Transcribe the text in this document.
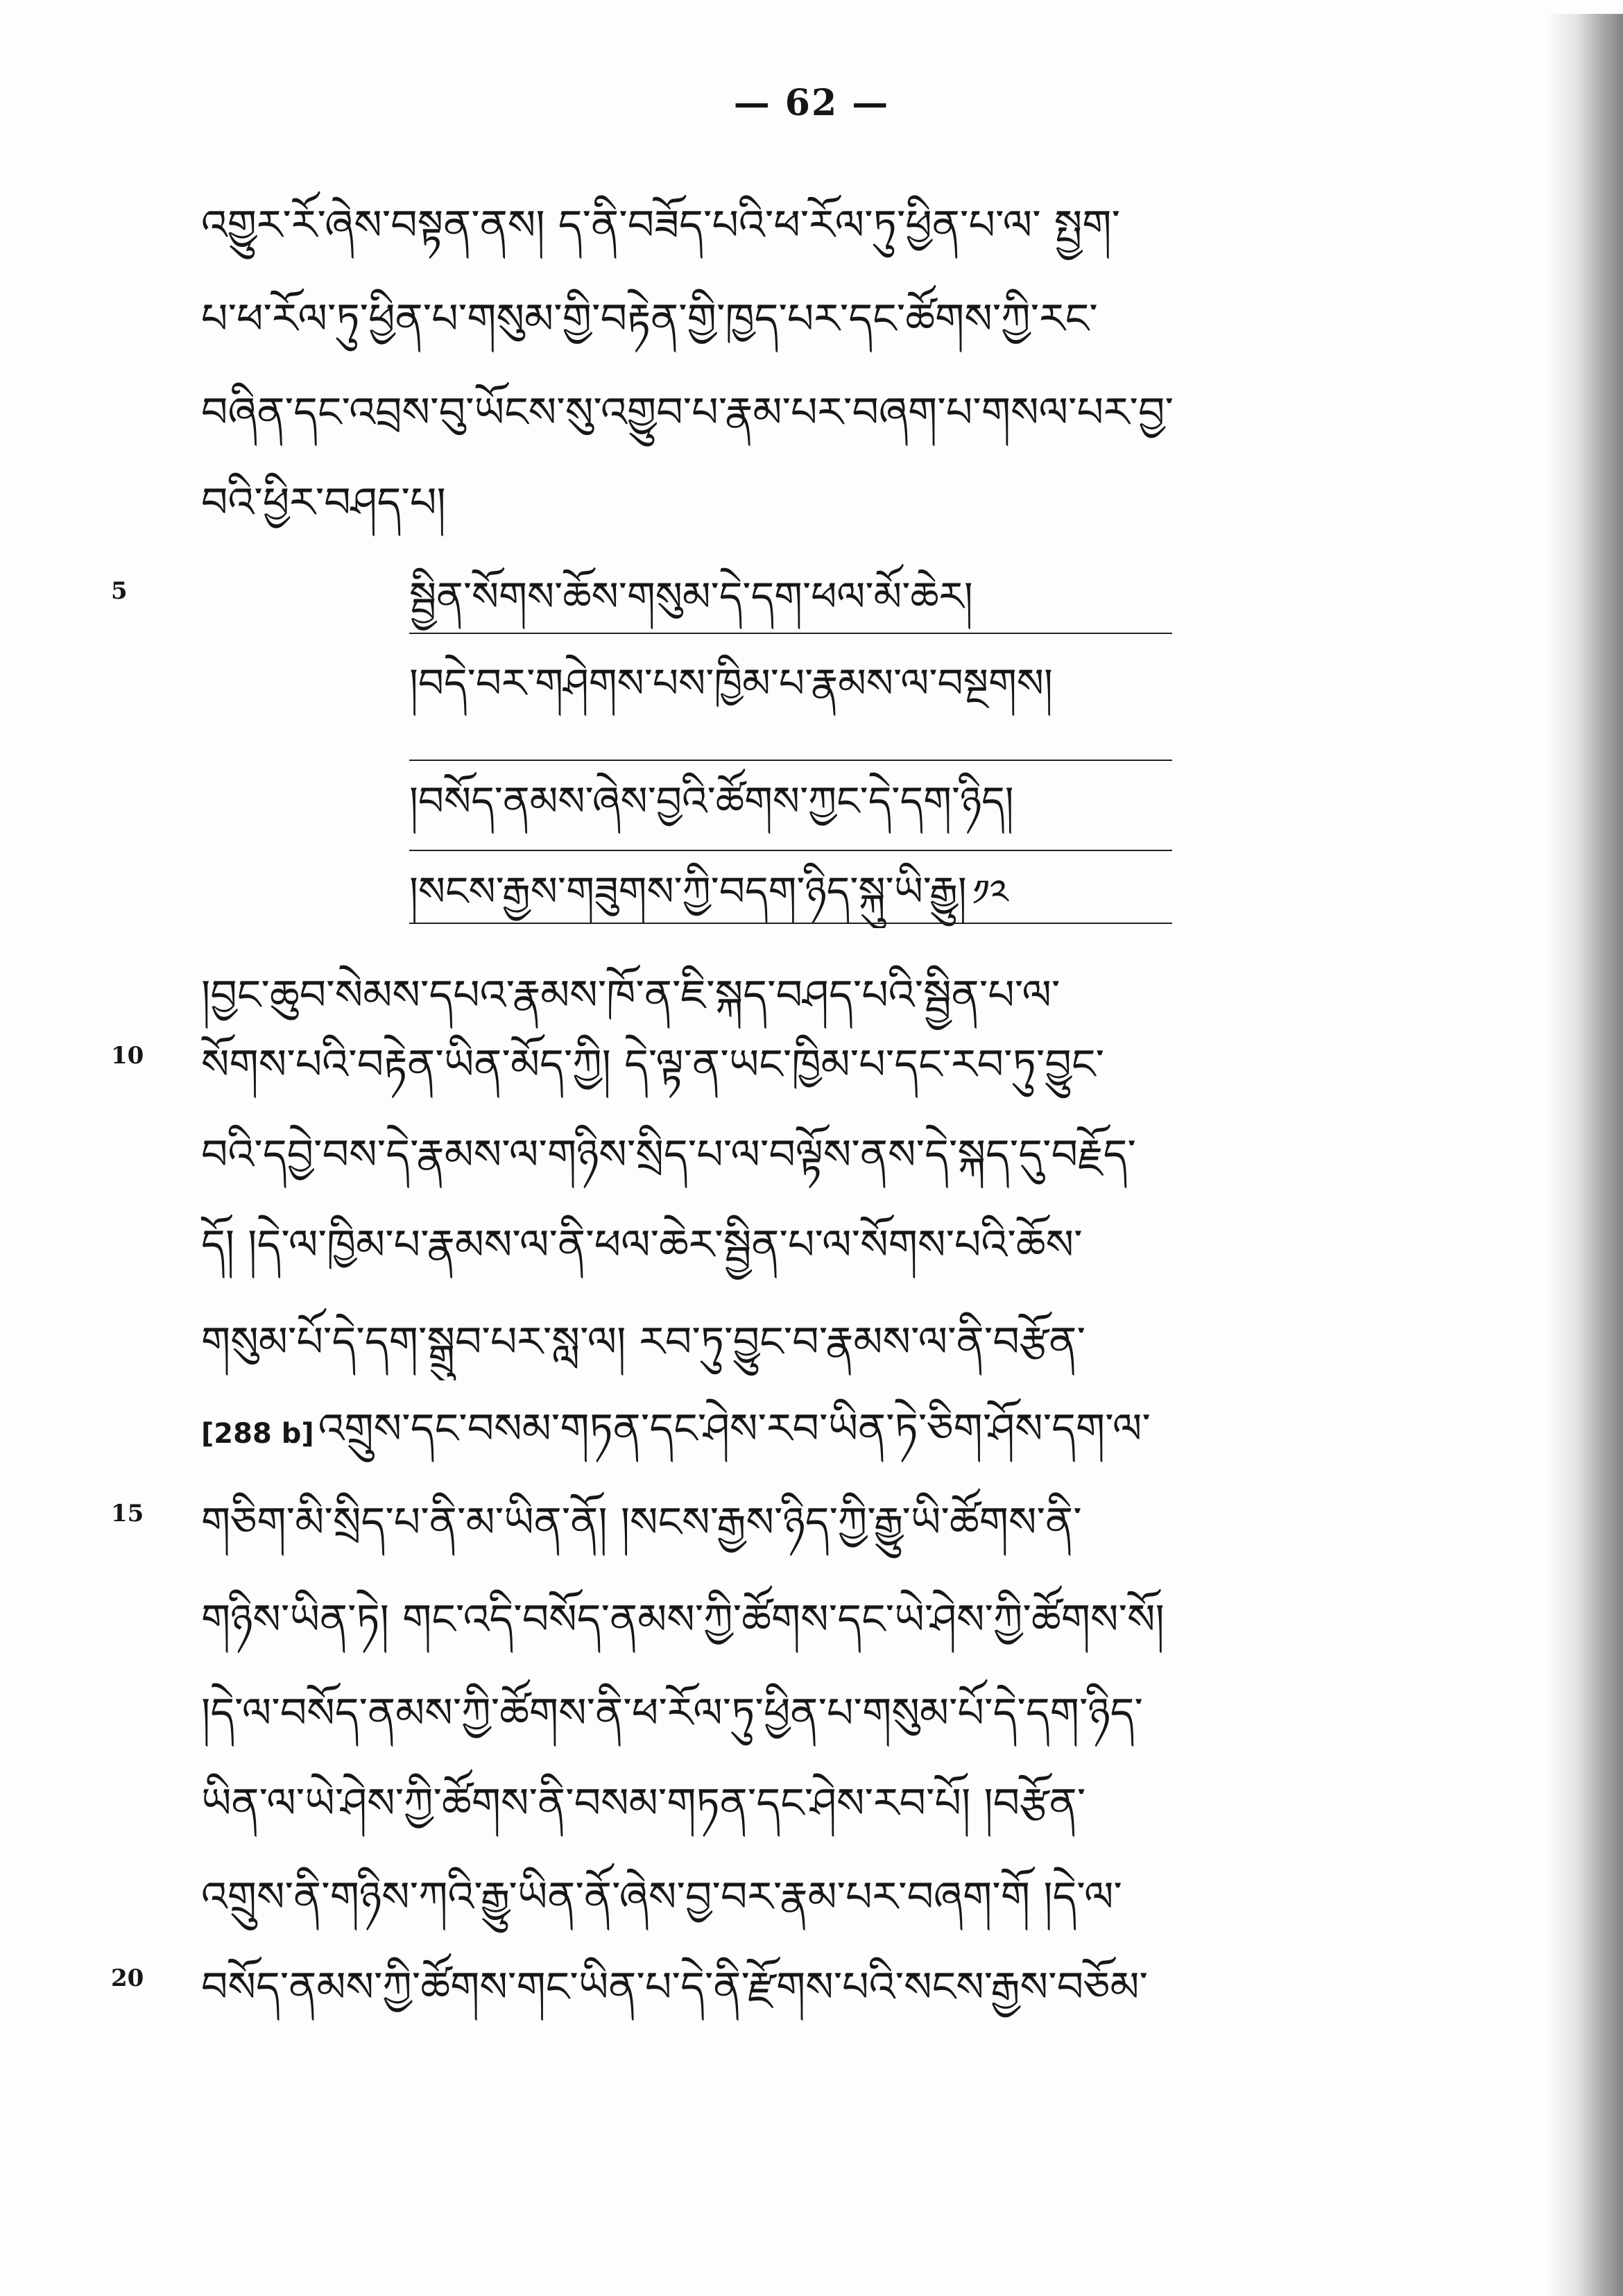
— 62 —
འགྱུར་རོ་ཞེས་བསྟན་ནས། ད་ནི་བཟོད་པའི་ཕ་རོལ་ཏུ་ཕྱིན་པ་ལ་ སྤྱག་
པ་ཕ་རོལ་ཏུ་ཕྱིན་པ་གསུམ་གྱི་བརྟེན་གྱི་ཁྱད་པར་དང་ཚོགས་ཀྱི་རང་
བཞིན་དང་འབྲས་བུ་ཡོངས་སུ་འགྱུབ་པ་རྣམ་པར་བཞག་པ་གསལ་པར་བྱ་
བའི་ཕྱིར་བཤད་པ།
5	སྦྱིན་སོགས་ཆོས་གསུམ་དེ་དག་ཕལ་མོ་ཆེར།
།བདེ་བར་གཤེགས་པས་ཁྱིམ་པ་རྣམས་ལ་བསྔགས།
།བསོད་ནམས་ཞེས་བྱའི་ཚོགས་ཀྱང་དེ་དག་ཉིད།
།སངས་རྒྱས་གཟུགས་ཀྱི་བདག་ཉིད་སྐུ་ཡི་རྒྱུ། ༡༢
།བྱང་ཆུབ་སེམས་དཔའ་རྣམས་ཁོ་ན་ཇི་སྐད་བཤད་པའི་སྦྱིན་པ་ལ་
10	སོགས་པའི་བརྟེན་ཡིན་མོད་ཀྱི། དེ་ལྟ་ན་ཡང་ཁྱིམ་པ་དང་རབ་ཏུ་བྱུང་
བའི་དབྱེ་བས་དེ་རྣམས་ལ་གཉིས་སྲིད་པ་ལ་བལྟོས་ནས་དེ་སྐད་དུ་བརྗོད་
དོ། །དེ་ལ་ཁྱིམ་པ་རྣམས་ལ་ནི་ཕལ་ཆེར་སྦྱིན་པ་ལ་སོགས་པའི་ཆོས་
གསུམ་པོ་དེ་དག་སྒྲུབ་པར་སླ་ལ། རབ་ཏུ་བྱུང་བ་རྣམས་ལ་ནི་བརྩོན་
[288 b] འགྲུས་དང་བསམ་གཏན་དང་ཤེས་རབ་ཡིན་ཏེ་ཅིག་ཤོས་དག་ལ་
15	གཅིག་མི་སྲིད་པ་ནི་མ་ཡིན་ནོ། །སངས་རྒྱས་ཉིད་ཀྱི་རྒྱུ་ཡི་ཚོགས་ནི་
གཉིས་ཡིན་ཏེ། གང་འདི་བསོད་ནམས་ཀྱི་ཚོགས་དང་ཡེ་ཤེས་ཀྱི་ཚོགས་སོ།
།དེ་ལ་བསོད་ནམས་ཀྱི་ཚོགས་ནི་ཕ་རོལ་ཏུ་ཕྱིན་པ་གསུམ་པོ་དེ་དག་ཉིད་
ཡིན་ལ་ཡེ་ཤེས་ཀྱི་ཚོགས་ནི་བསམ་གཏན་དང་ཤེས་རབ་པོ། །བརྩོན་
འགྲུས་ནི་གཉིས་ཀའི་རྒྱུ་ཡིན་ནོ་ཞེས་བྱ་བར་རྣམ་པར་བཞག་གོ །དེ་ལ་
20	བསོད་ནམས་ཀྱི་ཚོགས་གང་ཡིན་པ་དེ་ནི་རྫོགས་པའི་སངས་རྒྱས་བཅོམ་
